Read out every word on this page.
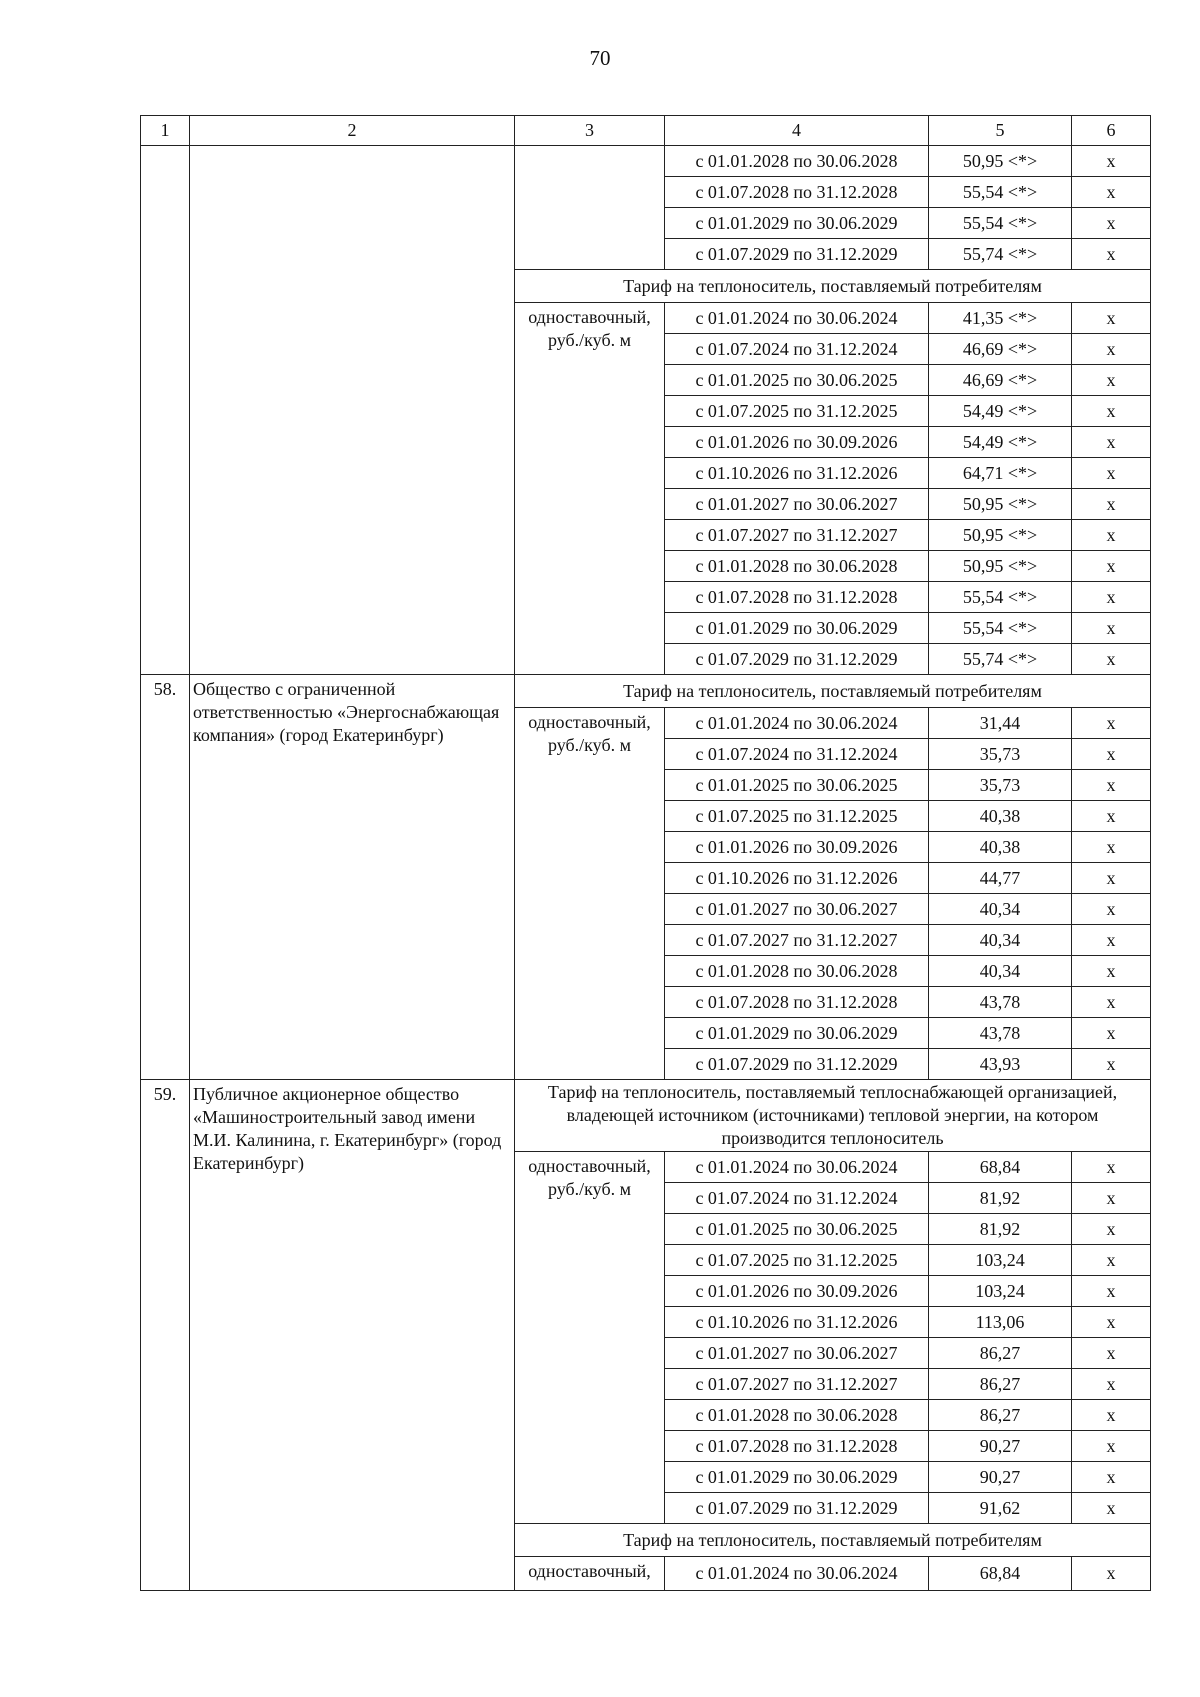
70
1	2	3	4	5	6
			с 01.01.2028 по 30.06.2028	50,95 <*>	х
			с 01.07.2028 по 31.12.2028	55,54 <*>	х
			с 01.01.2029 по 30.06.2029	55,54 <*>	х
			с 01.07.2029 по 31.12.2029	55,74 <*>	х
		Тариф на теплоноситель, поставляемый потребителям			
		одноставочный, руб./куб. м	с 01.01.2024 по 30.06.2024	41,35 <*>	х
			с 01.07.2024 по 31.12.2024	46,69 <*>	х
			с 01.01.2025 по 30.06.2025	46,69 <*>	х
			с 01.07.2025 по 31.12.2025	54,49 <*>	х
			с 01.01.2026 по 30.09.2026	54,49 <*>	х
			с 01.10.2026 по 31.12.2026	64,71 <*>	х
			с 01.01.2027 по 30.06.2027	50,95 <*>	х
			с 01.07.2027 по 31.12.2027	50,95 <*>	х
			с 01.01.2028 по 30.06.2028	50,95 <*>	х
			с 01.07.2028 по 31.12.2028	55,54 <*>	х
			с 01.01.2029 по 30.06.2029	55,54 <*>	х
			с 01.07.2029 по 31.12.2029	55,74 <*>	х
58.	Общество с ограниченной ответственностью «Энергоснабжающая компания» (город Екатеринбург)	Тариф на теплоноситель, поставляемый потребителям			
		одноставочный, руб./куб. м	с 01.01.2024 по 30.06.2024	31,44	х
			с 01.07.2024 по 31.12.2024	35,73	х
			с 01.01.2025 по 30.06.2025	35,73	х
			с 01.07.2025 по 31.12.2025	40,38	х
			с 01.01.2026 по 30.09.2026	40,38	х
			с 01.10.2026 по 31.12.2026	44,77	х
			с 01.01.2027 по 30.06.2027	40,34	х
			с 01.07.2027 по 31.12.2027	40,34	х
			с 01.01.2028 по 30.06.2028	40,34	х
			с 01.07.2028 по 31.12.2028	43,78	х
			с 01.01.2029 по 30.06.2029	43,78	х
			с 01.07.2029 по 31.12.2029	43,93	х
59.	Публичное акционерное общество «Машиностроительный завод имени М.И. Калинина, г. Екатеринбург» (город Екатеринбург)	Тариф на теплоноситель, поставляемый теплоснабжающей организацией, владеющей источником (источниками) тепловой энергии, на котором производится теплоноситель			
		одноставочный, руб./куб. м	с 01.01.2024 по 30.06.2024	68,84	х
			с 01.07.2024 по 31.12.2024	81,92	х
			с 01.01.2025 по 30.06.2025	81,92	х
			с 01.07.2025 по 31.12.2025	103,24	х
			с 01.01.2026 по 30.09.2026	103,24	х
			с 01.10.2026 по 31.12.2026	113,06	х
			с 01.01.2027 по 30.06.2027	86,27	х
			с 01.07.2027 по 31.12.2027	86,27	х
			с 01.01.2028 по 30.06.2028	86,27	х
			с 01.07.2028 по 31.12.2028	90,27	х
			с 01.01.2029 по 30.06.2029	90,27	х
			с 01.07.2029 по 31.12.2029	91,62	х
		Тариф на теплоноситель, поставляемый потребителям			
		одноставочный,	с 01.01.2024 по 30.06.2024	68,84	х
